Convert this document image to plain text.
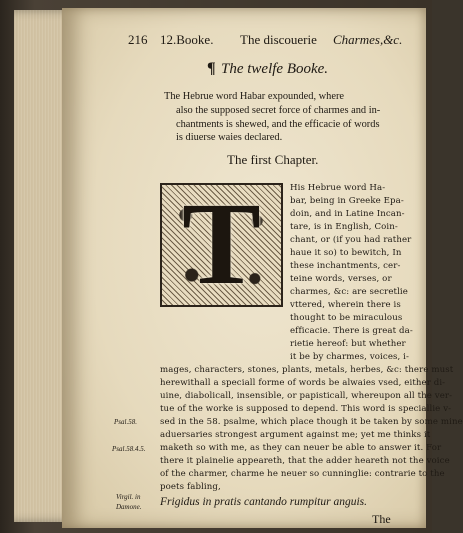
216 12.Booke. The discouerie Charmes,&c.
¶ The twelfe Booke.
The Hebrue word Habar expounded, where
also the supposed secret force of charmes and in-
chantments is shewed, and the efficacie of words
is diuerse waies declared.
The first Chapter.
T	His Hebrue word Ha-
bar, being in Greeke Epa-
doin, and in Latine Incan-
tare, is in English, Coin-
chant, or (if you had rather
haue it so) to bewitch, In
these inchantments, cer-
teine words, verses, or
charmes, &c: are secretlie
vttered, wherein there is
thought to be miraculous
efficacie. There is great da-
rietie hereof: but whether
it be by charmes, voices, i-
mages, characters, stones, plants, metals, herbes, &c: there must
herewithall a speciall forme of words be alwaies vsed, either di-
uine, diabolicall, insensible, or papisticall, whereupon all the ver-
tue of the worke is supposed to depend. This word is speciallie v-
sed in the 58. psalme, which place though it be taken by some mine
aduersaries strongest argument against me; yet me thinks it
maketh so with me, as they can neuer be able to answer it. For
there it plainelie appeareth, that the adder heareth not the voice
of the charmer, charme he neuer so cunninglie: contrarie to the
poets fabling,
Psal.58.
Psal.58.4.5.
Virgil. in
Damone. Frigidus in pratis cantando rumpitur anguis.
The
